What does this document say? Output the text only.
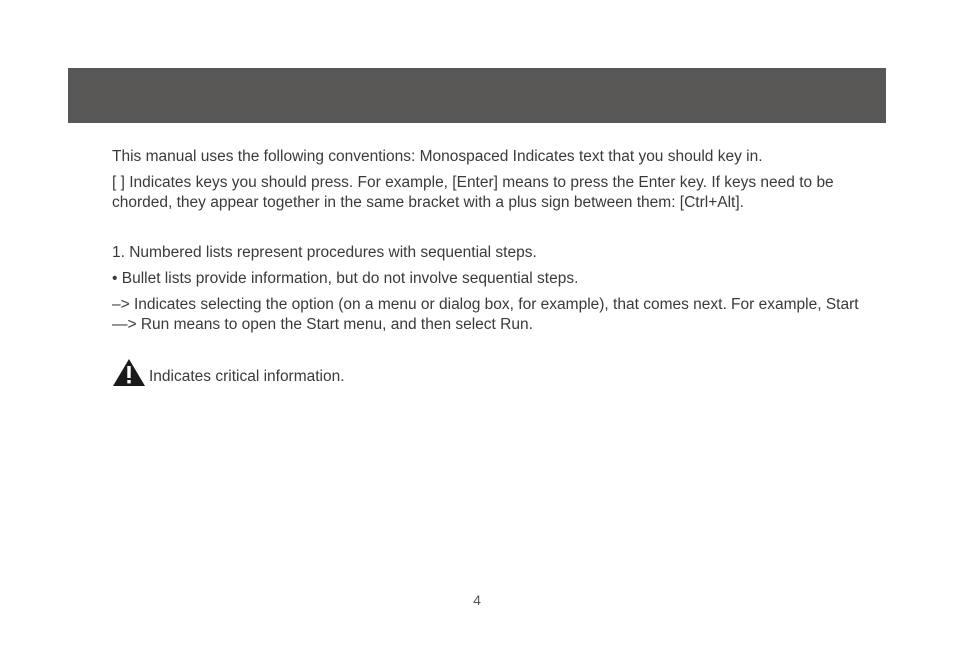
This manual uses the following conventions: Monospaced Indicates text that you should key in.

[ ] Indicates keys you should press. For example, [Enter] means to press the Enter key. If keys need to be chorded, they appear together in the same bracket with a plus sign between them: [Ctrl+Alt].

1. Numbered lists represent procedures with sequential steps.

• Bullet lists provide information, but do not involve sequential steps.

–> Indicates selecting the option (on a menu or dialog box, for example), that comes next. For example, Start —> Run means to open the Start menu, and then select Run.

Indicates critical information.
4
